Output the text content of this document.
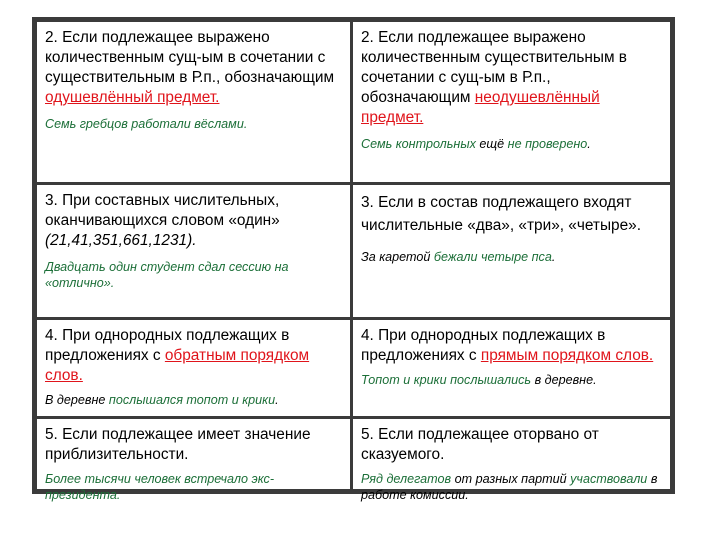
2. Если подлежащее выражено количественным сущ-ым в сочетании с существительным в Р.п., обозначающим одушевлённый предмет.
Семь гребцов работали вёслами.
2. Если подлежащее выражено количественным существительным в сочетании с сущ-ым в Р.п., обозначающим неодушевлённый предмет.
Семь контрольных ещё не проверено.
3. При составных числительных, оканчивающихся словом «один» (21,41,351,661,1231).
Двадцать один студент сдал сессию на «отлично».
3. Если в состав подлежащего входят числительные «два», «три», «четыре».
За каретой бежали четыре пса.
4. При однородных подлежащих в предложениях с обратным порядком слов.
В деревне послышался топот и крики.
4. При однородных подлежащих в предложениях с прямым порядком слов.
Топот и крики послышались в деревне.
5. Если подлежащее имеет значение приблизительности.
Более тысячи человек встречало экс-президента.
5. Если подлежащее оторвано от сказуемого.
Ряд делегатов от разных партий участвовали в работе комиссии.
